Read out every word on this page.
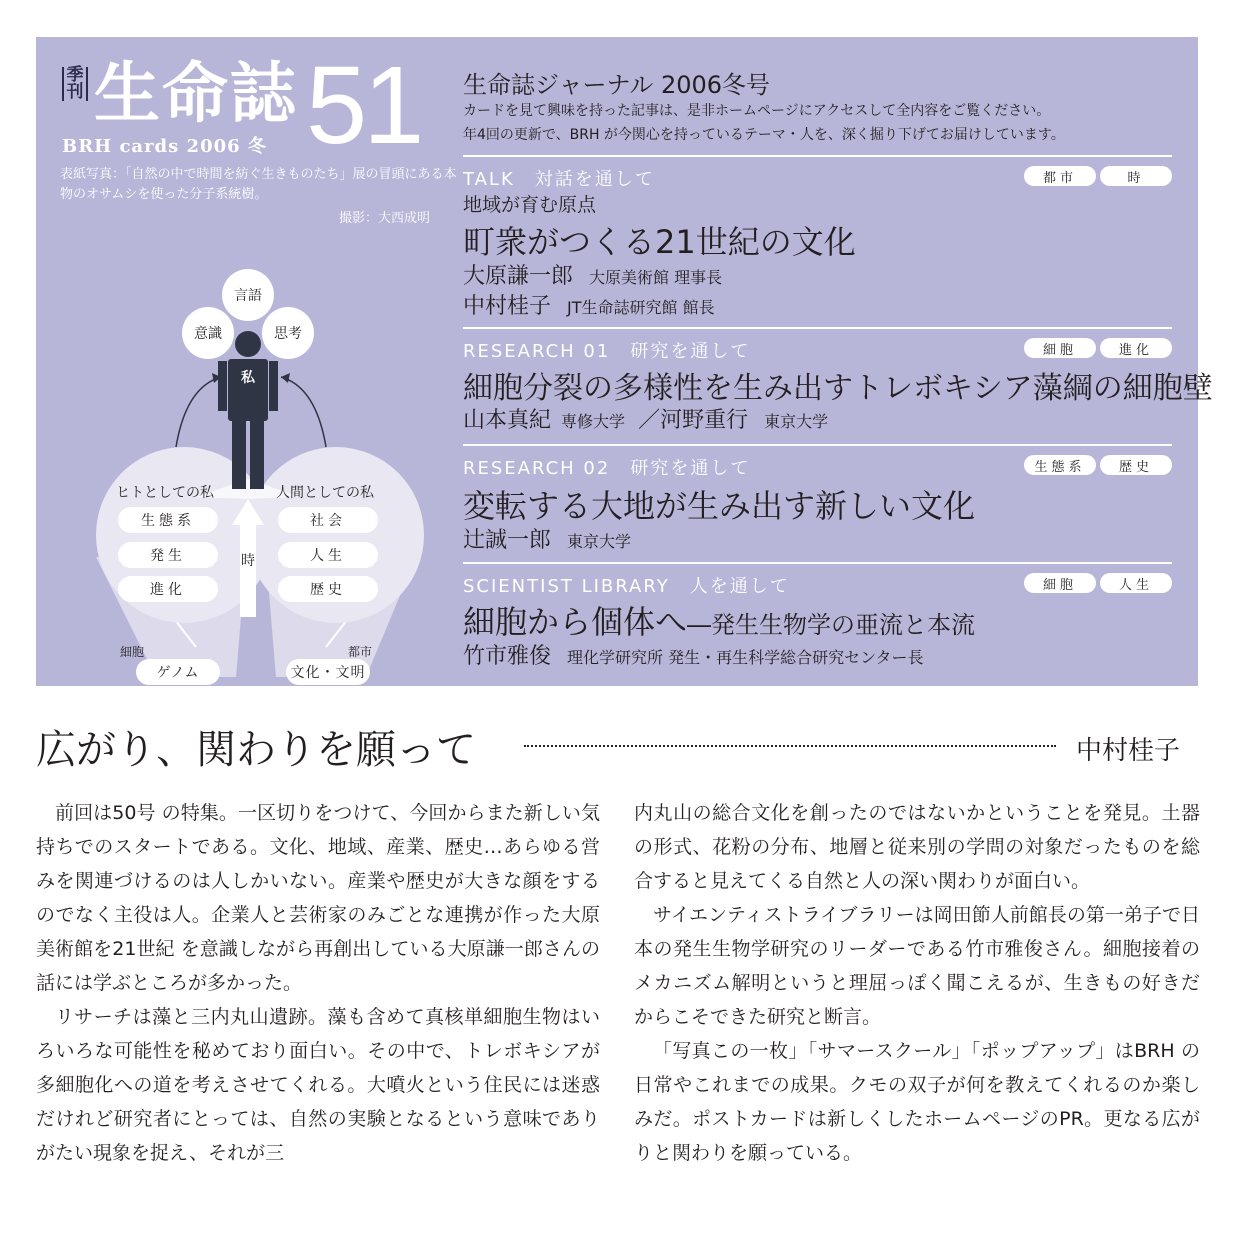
季
刊 生命誌
BRH cards 2006 冬 51
表紙写真：「自然の中で時間を紡ぐ生きものたち」展の冒頭にある本物のオサムシを使った分子系統樹。
撮影：大西成明
言語
意識	思考
私
ヒトとしての私	人間としての私
生態系
発生
進化
社会
人生
歴史
時
細胞
ゲノム
都市
文化・文明
生命誌ジャーナル 2006冬号
カードを見て興味を持った記事は、是非ホームページにアクセスして全内容をご覧ください。
年4回の更新で、BRH が今関心を持っているテーマ・人を、深く掘り下げてお届けしています。
TALK　対話を通して	都市	時
地域が育む原点
町衆がつくる21世紀の文化
大原謙一郎 大原美術館 理事長
中村桂子 JT生命誌研究館 館長
RESEARCH 01　研究を通して	細胞	進化
細胞分裂の多様性を生み出すトレボキシア藻綱の細胞壁
山本真紀 専修大学 ／河野重行 東京大学
RESEARCH 02　研究を通して	生態系	歴史
変転する大地が生み出す新しい文化
辻誠一郎 東京大学
SCIENTIST LIBRARY　人を通して	細胞	人生
細胞から個体へ―発生生物学の亜流と本流
竹市雅俊 理化学研究所 発生・再生科学総合研究センター長
広がり、関わりを願って	中村桂子

前回は50号 の特集。一区切りをつけて、今回からまた新しい気持ちでのスタートである。文化、地域、産業、歴史…あらゆる営みを関連づけるのは人しかいない。産業や歴史が大きな顔をするのでなく主役は人。企業人と芸術家のみごとな連携が作った大原美術館を21世紀 を意識しながら再創出している大原謙一郎さんの話には学ぶところが多かった。

リサーチは藻と三内丸山遺跡。藻も含めて真核単細胞生物はいろいろな可能性を秘めており面白い。その中で、トレボキシアが多細胞化への道を考えさせてくれる。大噴火という住民には迷惑だけれど研究者にとっては、自然の実験となるという意味でありがたい現象を捉え、それが三

内丸山の総合文化を創ったのではないかということを発見。土器の形式、花粉の分布、地層と従来別の学問の対象だったものを総合すると見えてくる自然と人の深い関わりが面白い。

サイエンティストライブラリーは岡田節人前館長の第一弟子で日本の発生生物学研究のリーダーである竹市雅俊さん。細胞接着のメカニズム解明というと理屈っぽく聞こえるが、生きもの好きだからこそできた研究と断言。

「写真この一枚」「サマースクール」「ポップアップ」はBRH の日常やこれまでの成果。クモの双子が何を教えてくれるのか楽しみだ。ポストカードは新しくしたホームページのPR。更なる広がりと関わりを願っている。
